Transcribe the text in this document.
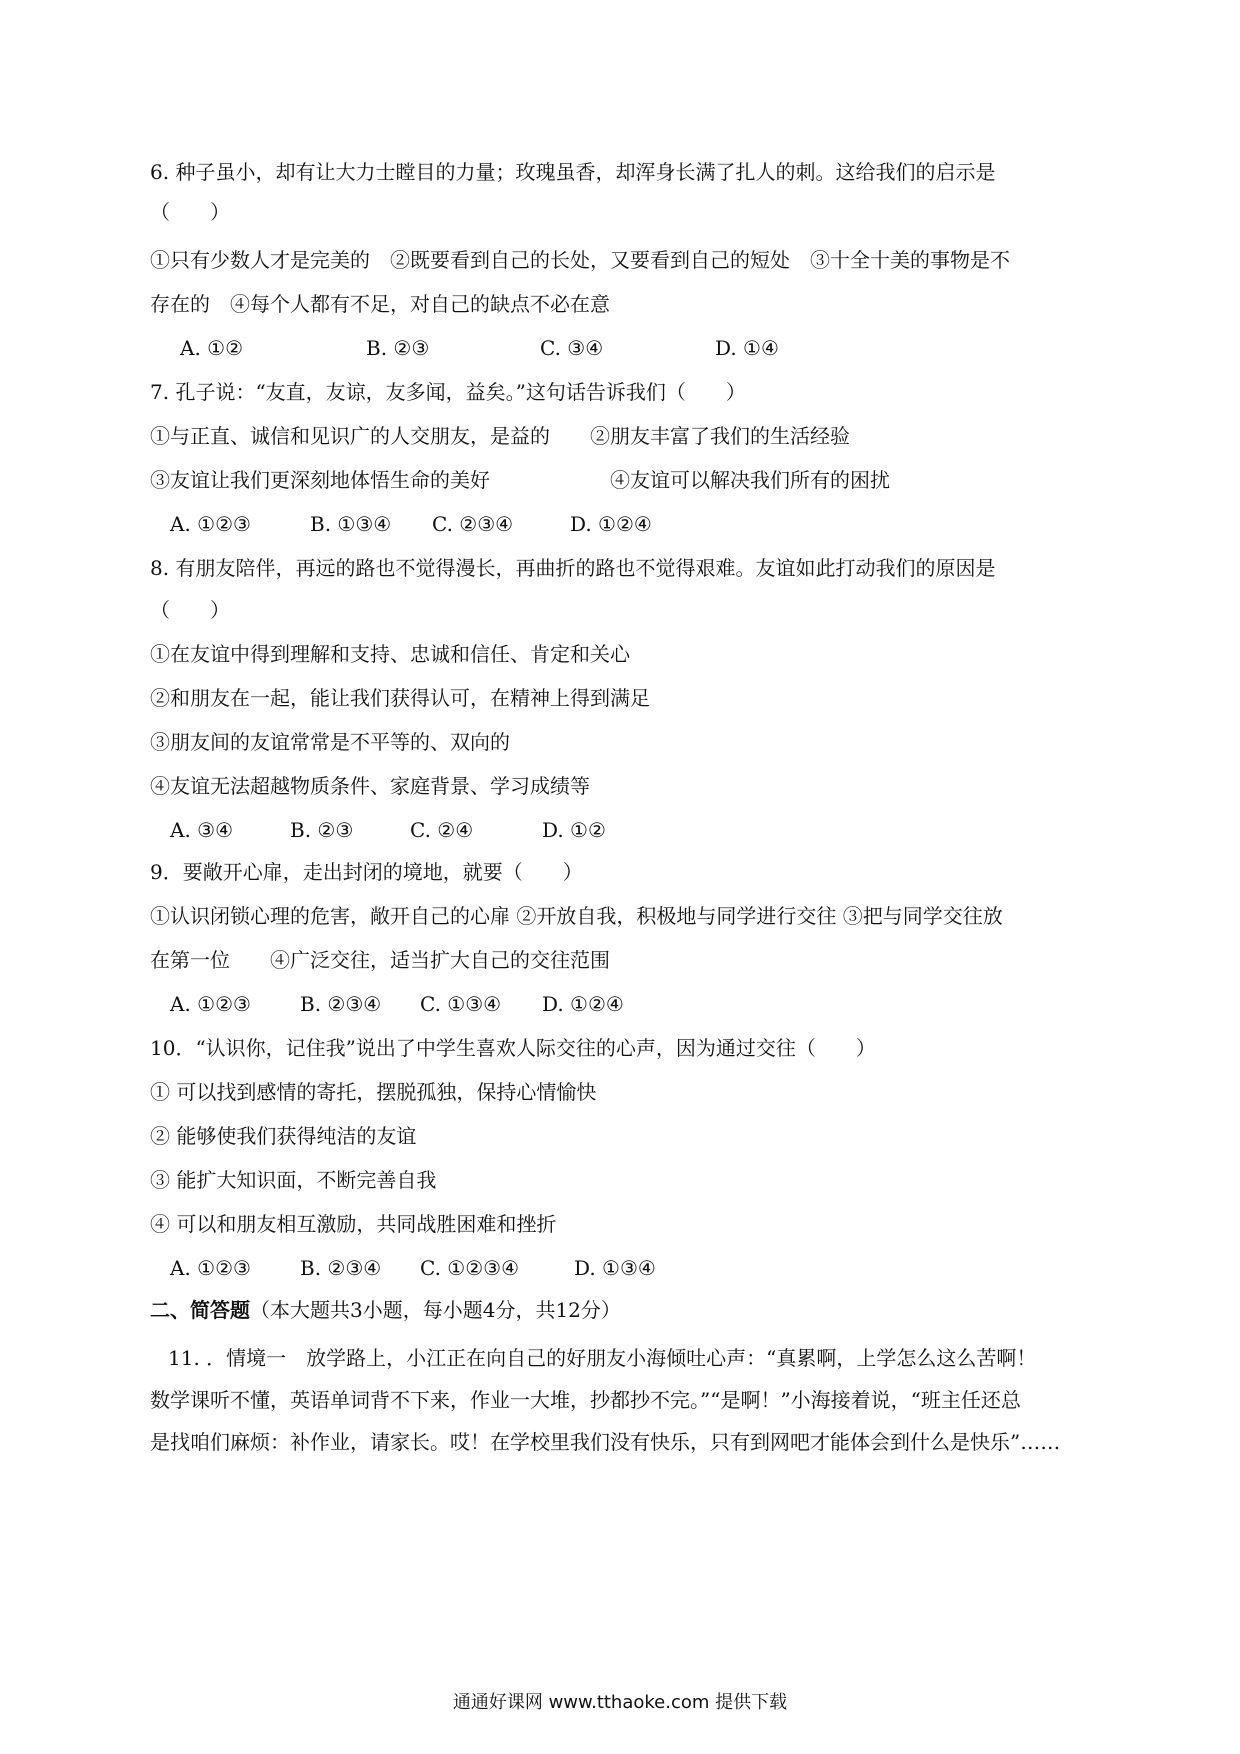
6. 种子虽小，却有让大力士瞠目的力量；玫瑰虽香，却浑身长满了扎人的刺。这给我们的启示是
（　　）
①只有少数人才是完美的　②既要看到自己的长处，又要看到自己的短处　③十全十美的事物是不
存在的　④每个人都有不足，对自己的缺点不必在意
A. ①②	B. ②③	C. ③④	D. ①④
7. 孔子说：“友直，友谅，友多闻，益矣。”这句话告诉我们（　　）
①与正直、诚信和见识广的人交朋友，是益的　　②朋友丰富了我们的生活经验
③友谊让我们更深刻地体悟生命的美好　　　　　　④友谊可以解决我们所有的困扰
A. ①②③	B. ①③④ C. ②③④	D. ①②④
8. 有朋友陪伴，再远的路也不觉得漫长，再曲折的路也不觉得艰难。友谊如此打动我们的原因是
（　　）
①在友谊中得到理解和支持、忠诚和信任、肯定和关心
②和朋友在一起，能让我们获得认可，在精神上得到满足
③朋友间的友谊常常是不平等的、双向的
④友谊无法超越物质条件、家庭背景、学习成绩等
A. ③④	B. ②③	C. ②④	D. ①②
9．要敞开心扉，走出封闭的境地，就要（　　）
①认识闭锁心理的危害，敞开自己的心扉 ②开放自我，积极地与同学进行交往 ③把与同学交往放
在第一位　　④广泛交往，适当扩大自己的交往范围
A. ①②③ B. ②③④ C. ①③④ D. ①②④
10．“认识你，记住我”说出了中学生喜欢人际交往的心声，因为通过交往（　　）
① 可以找到感情的寄托，摆脱孤独，保持心情愉快
② 能够使我们获得纯洁的友谊
③ 能扩大知识面，不断完善自我
④ 可以和朋友相互激励，共同战胜困难和挫折
A. ①②③ B. ②③④ C. ①②③④	D. ①③④
二、简答题（本大题共3小题，每小题4分，共12分）
11. ．情境一　放学路上，小江正在向自己的好朋友小海倾吐心声：“真累啊，上学怎么这么苦啊！
数学课听不懂，英语单词背不下来，作业一大堆，抄都抄不完。”“是啊！”小海接着说，“班主任还总
是找咱们麻烦：补作业，请家长。哎！在学校里我们没有快乐，只有到网吧才能体会到什么是快乐”……
通通好课网 www.tthaoke.com 提供下载
